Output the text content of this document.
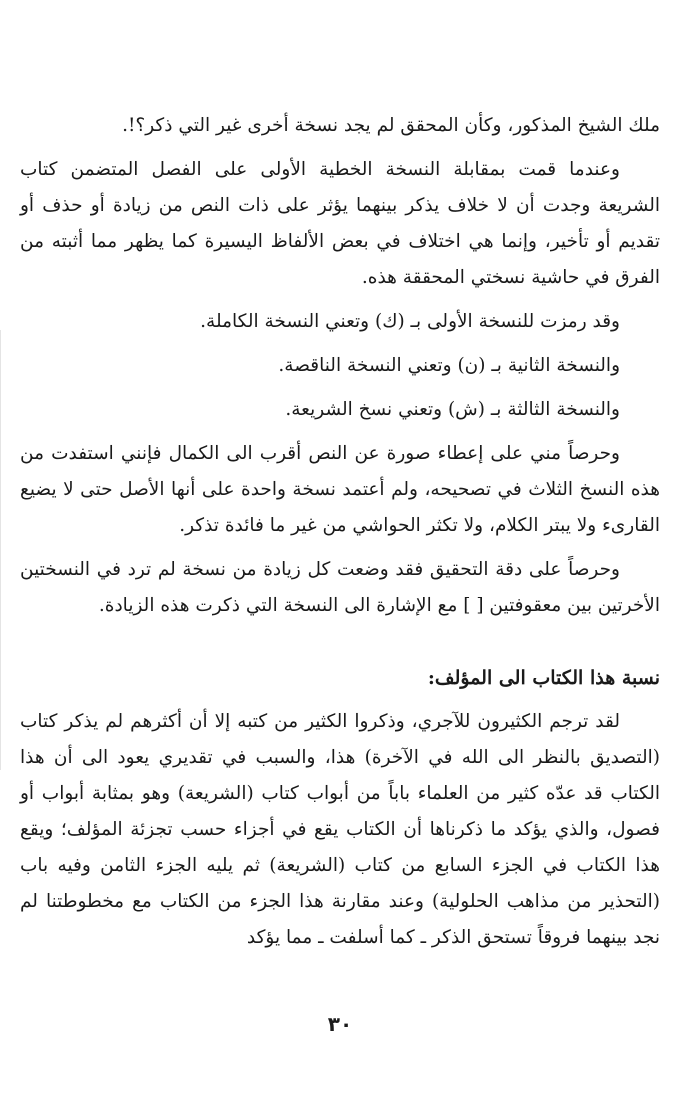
ملك الشيخ المذكور، وكأن المحقق لم يجد نسخة أخرى غير التي ذكر؟!.

وعندما قمت بمقابلة النسخة الخطية الأولى على الفصل المتضمن كتاب الشريعة وجدت أن لا خلاف يذكر بينهما يؤثر على ذات النص من زيادة أو حذف أو تقديم أو تأخير، وإنما هي اختلاف في بعض الألفاظ اليسيرة كما يظهر مما أثبته من الفرق في حاشية نسختي المحققة هذه.

وقد رمزت للنسخة الأولى بـ (ك) وتعني النسخة الكاملة.

والنسخة الثانية بـ (ن) وتعني النسخة الناقصة.

والنسخة الثالثة بـ (ش) وتعني نسخ الشريعة.

وحرصاً مني على إعطاء صورة عن النص أقرب الى الكمال فإنني استفدت من هذه النسخ الثلاث في تصحيحه، ولم أعتمد نسخة واحدة على أنها الأصل حتى لا يضيع القارىء ولا يبتر الكلام، ولا تكثر الحواشي من غير ما فائدة تذكر.

وحرصاً على دقة التحقيق فقد وضعت كل زيادة من نسخة لم ترد في النسختين الأخرتين بين معقوفتين [ ] مع الإشارة الى النسخة التي ذكرت هذه الزيادة.

نسبة هذا الكتاب الى المؤلف:

لقد ترجم الكثيرون للآجري، وذكروا الكثير من كتبه إلا أن أكثرهم لم يذكر كتاب (التصديق بالنظر الى الله في الآخرة) هذا، والسبب في تقديري يعود الى أن هذا الكتاب قد عدّه كثير من العلماء باباً من أبواب كتاب (الشريعة) وهو بمثابة أبواب أو فصول، والذي يؤكد ما ذكرناها أن الكتاب يقع في أجزاء حسب تجزئة المؤلف؛ ويقع هذا الكتاب في الجزء السابع من كتاب (الشريعة) ثم يليه الجزء الثامن وفيه باب (التحذير من مذاهب الحلولية) وعند مقارنة هذا الجزء من الكتاب مع مخطوطتنا لم نجد بينهما فروقاً تستحق الذكر ـ كما أسلفت ـ مما يؤكد

٣٠
